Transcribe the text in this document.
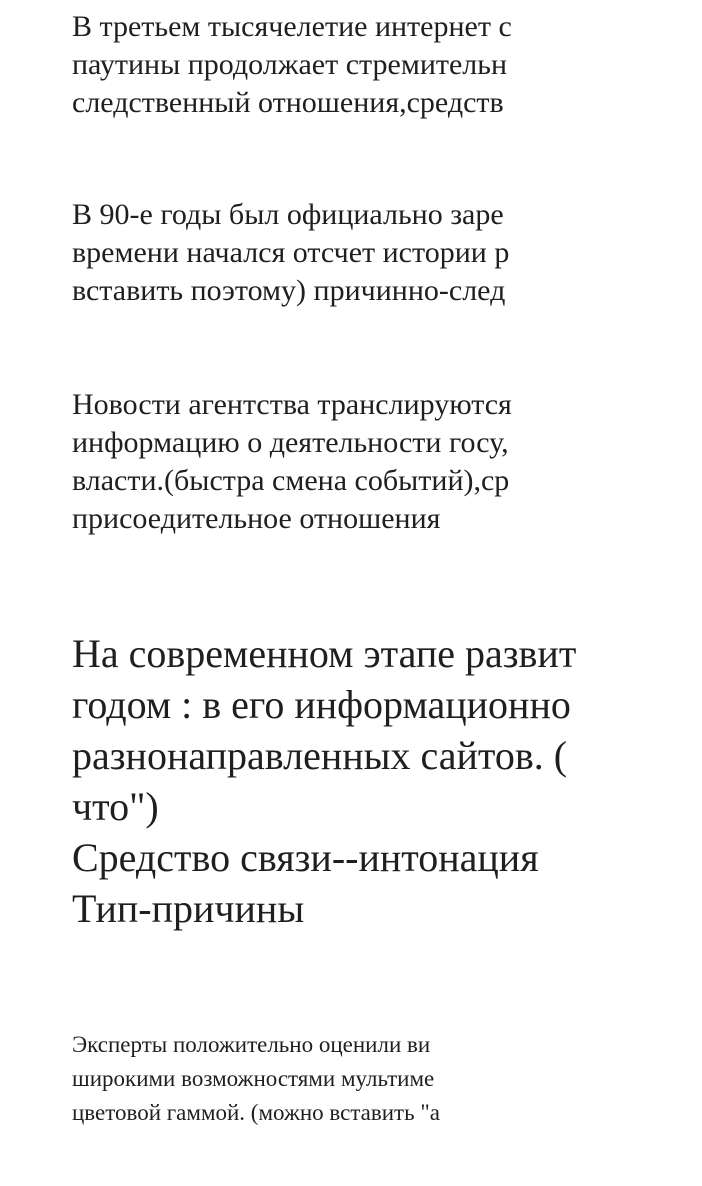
В третьем тысячелетие интернет с
паутины продолжает стремительн
следственный отношения,средств

В 90-е годы был официально заре
времени начался отсчет истории р
вставить поэтому) причинно-след

Новости агентства транслируются
информацию о деятельности госу,
власти.(быстра смена событий),ср
присоедительное отношения

На современном этапе развит
годом : в его информационно
разнонаправленных сайтов. (
что")
Средство связи--интонация
Тип-причины

Эксперты положительно оценили ви
широкими возможностями мультиме
цветовой гаммой. (можно вставить "а
